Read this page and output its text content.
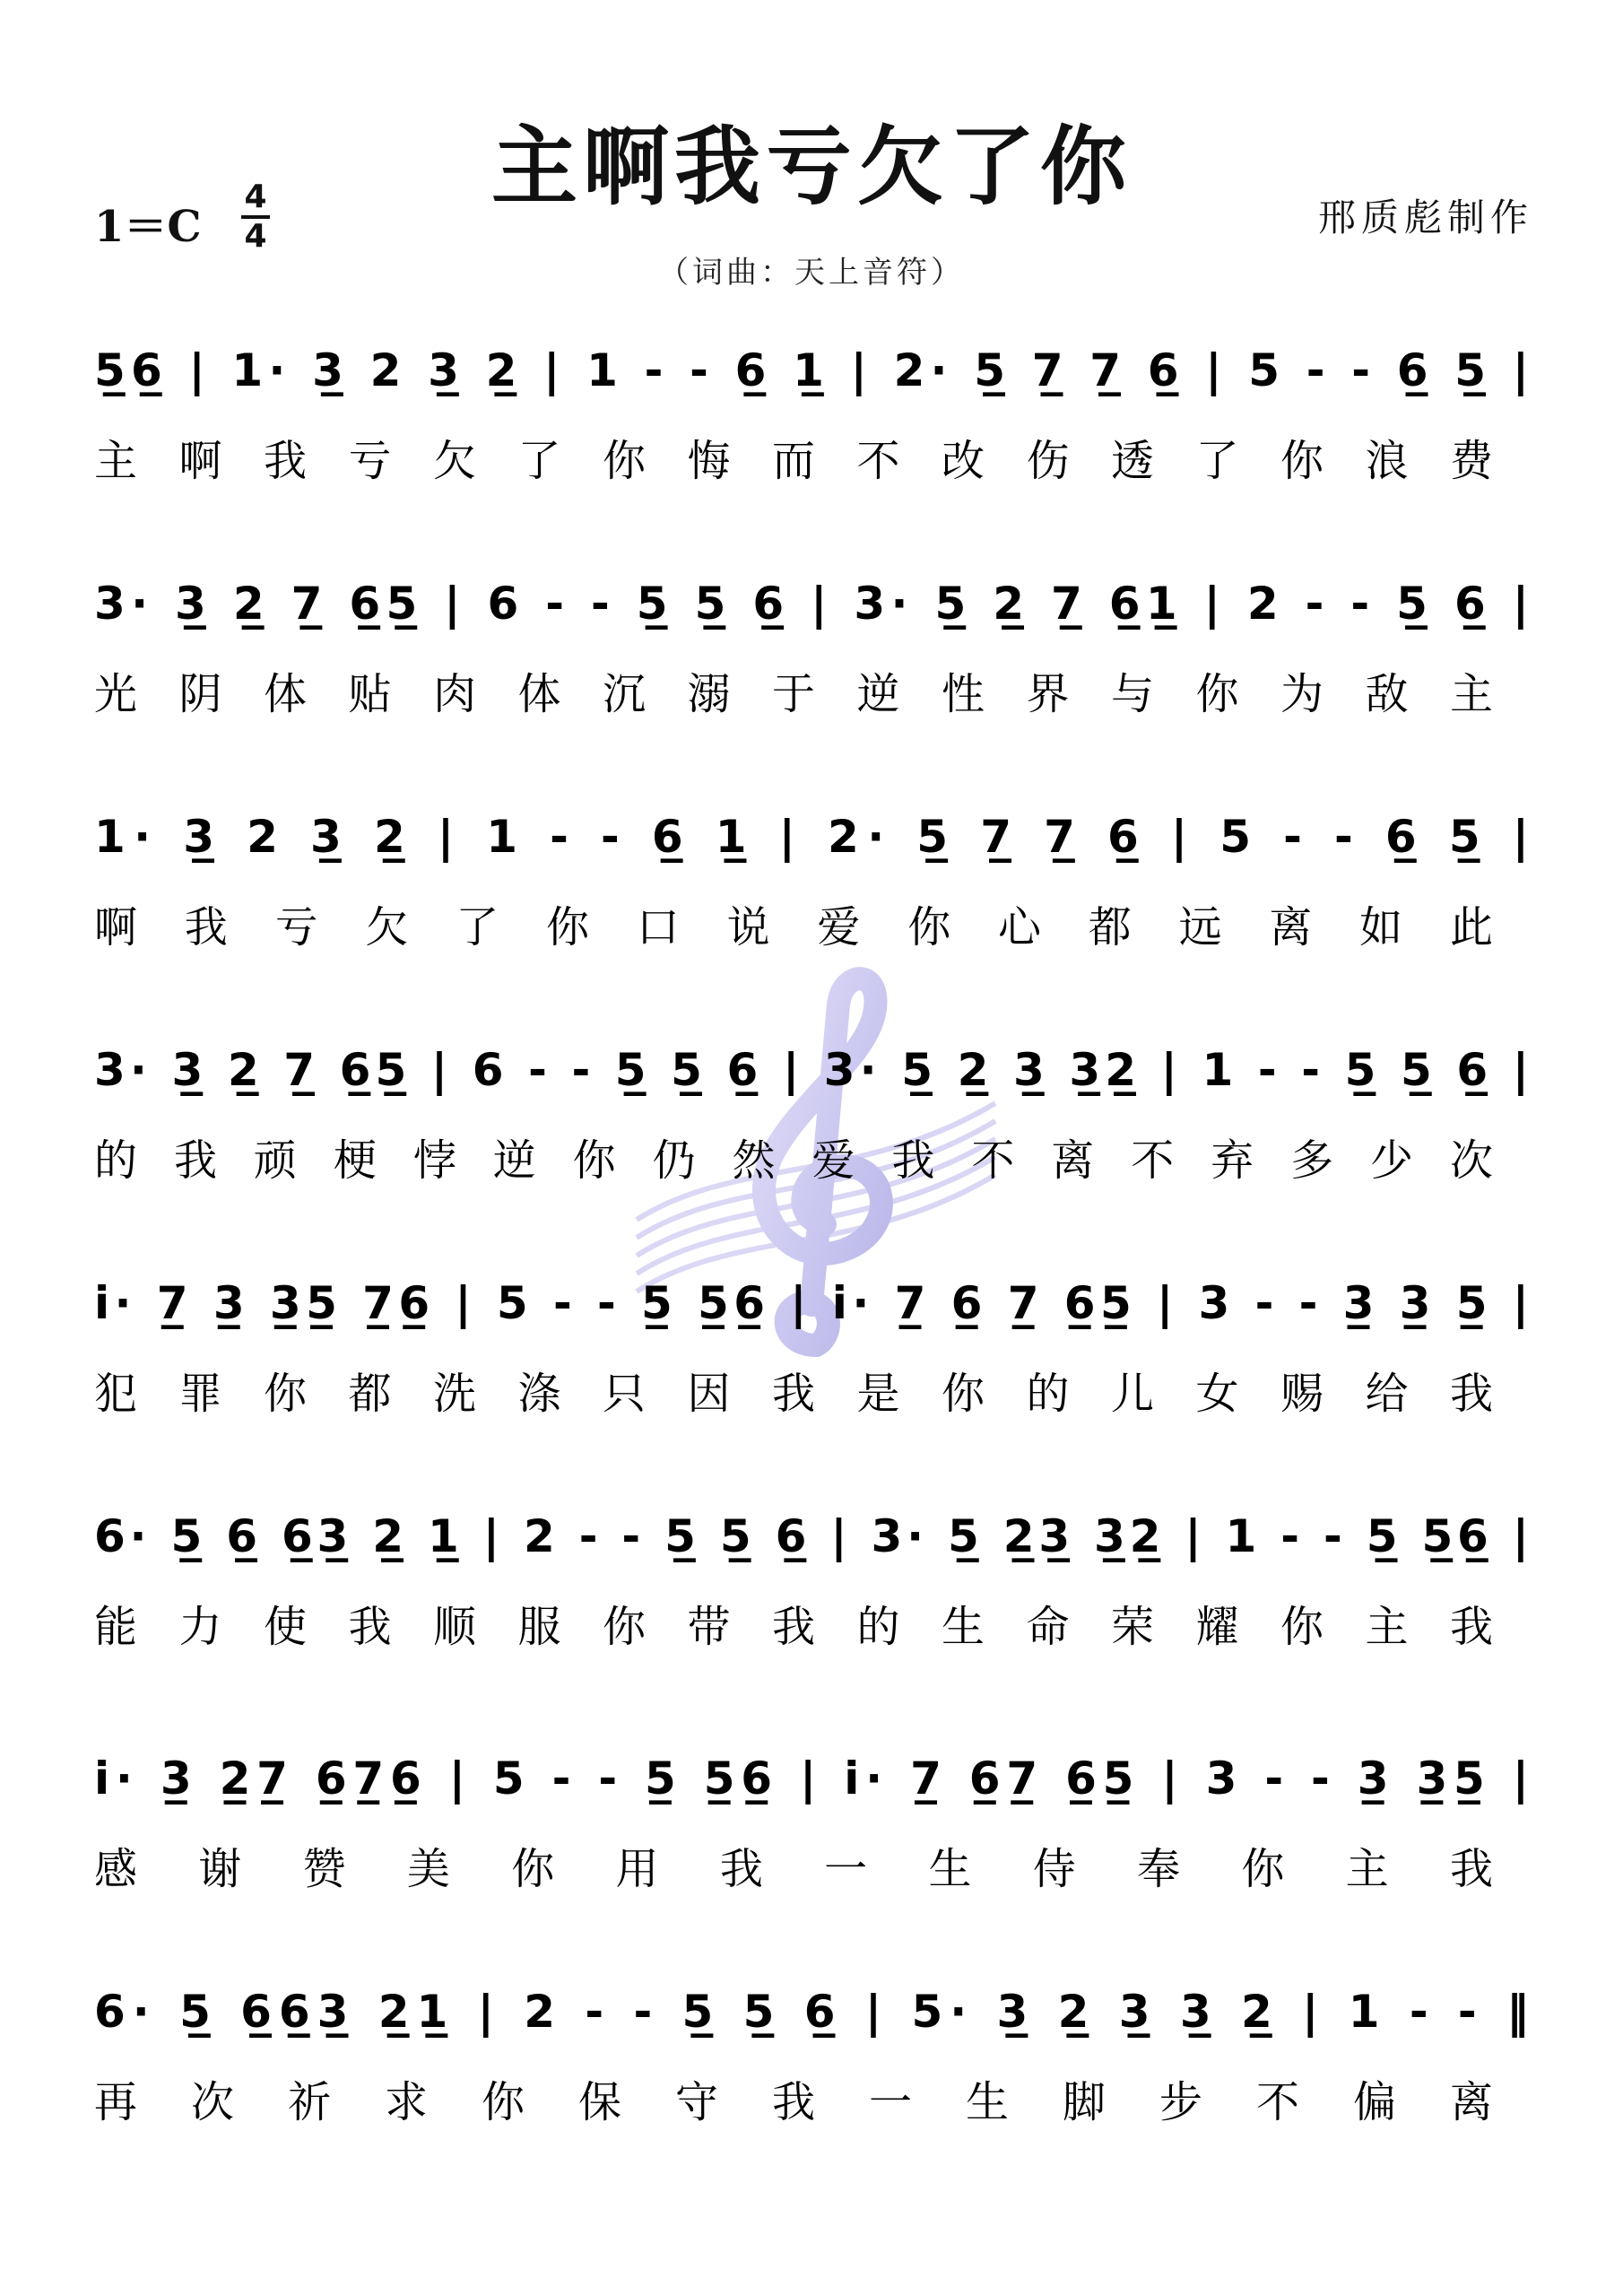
主啊我亏欠了你
1＝C
4
4	邢质彪制作
（词曲：天上音符）
5̲6̲ | 1· 3̲ 2 3̲ 2̲ | 1 - - 6̲ 1̲ | 2· 5̲ 7̲ 7̲ 6̲ | 5 - - 6̲ 5̲ |
主啊我亏欠了你悔而不改伤透了你浪费
3· 3̲ 2̲ 7̲ 6̲5̲ | 6 - - 5̲ 5̲ 6̲ | 3· 5̲ 2̲ 7̲ 6̲1̲ | 2 - - 5̲ 6̲ |
光阴体贴肉体沉溺于逆性界与你为敌主
1· 3̲ 2 3̲ 2̲ | 1 - - 6̲ 1̲ | 2· 5̲ 7̲ 7̲ 6̲ | 5 - - 6̲ 5̲ |
啊我亏欠了你口说爱你心都远离如此
3· 3̲ 2̲ 7̲ 6̲5̲ | 6 - - 5̲ 5̲ 6̲ | 3· 5̲ 2̲ 3̲ 3̲2̲ | 1 - - 5̲ 5̲ 6̲ |
的我顽梗悖逆你仍然爱我不离不弃多少次
i· 7̲ 3̲ 3̲5̲ 7̲6̲ | 5 - - 5̲ 5̲6̲ | i· 7̲ 6̲ 7̲ 6̲5̲ | 3 - - 3̲ 3̲ 5̲ |
犯罪你都洗涤只因我是你的儿女赐给我
6· 5̲ 6̲ 6̲3̲ 2̲ 1̲ | 2 - - 5̲ 5̲ 6̲ | 3· 5̲ 2̲3̲ 3̲2̲ | 1 - - 5̲ 5̲6̲ |
能力使我顺服你带我的生命荣耀你主我
i· 3̲ 2̲7̲ 6̲7̲6̲ | 5 - - 5̲ 5̲6̲ | i· 7̲ 6̲7̲ 6̲5̲ | 3 - - 3̲ 3̲5̲ |
感谢赞美你用我一生侍奉你主我
6· 5̲ 6̲6̲3̲ 2̲1̲ | 2 - - 5̲ 5̲ 6̲ | 5· 3̲ 2̲ 3̲ 3̲ 2̲ | 1 - - ‖
再次祈求你保守我一生脚步不偏离
